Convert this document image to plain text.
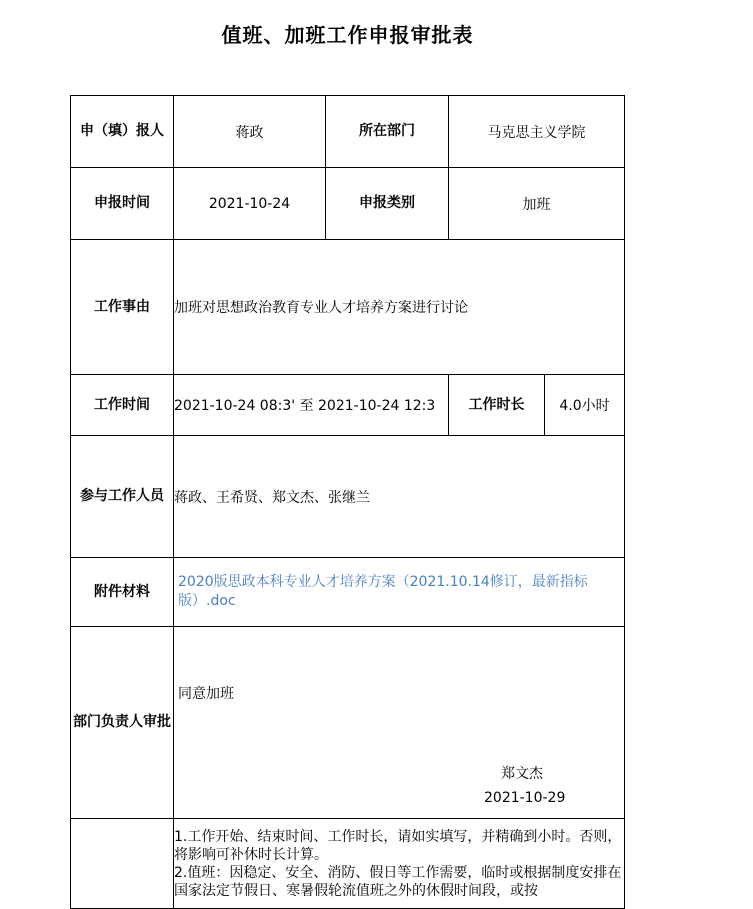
值班、加班工作申报审批表
申（填）报人	蒋政	所在部门	马克思主义学院	
申报时间	2021-10-24	申报类别	加班	
工作事由	加班对思想政治教育专业人才培养方案进行讨论			
工作时间	2021-10-24 08:3' 至 2021-10-24 12:3		工作时长	4.0小时
参与工作人员	蒋政、王希贤、郑文杰、张继兰			
附件材料	2020版思政本科专业人才培养方案（2021.10.14修订，最新指标版）.doc			

部门负责人审批	同意加班
郑文杰
2021-10-29			

	1.工作开始、结束时间、工作时长，请如实填写，并精确到小时。否则，将影响可补休时长计算。

2.值班：因稳定、安全、消防、假日等工作需要，临时或根据制度安排在国家法定节假日、寒暑假轮流值班之外的休假时间段，或按			
